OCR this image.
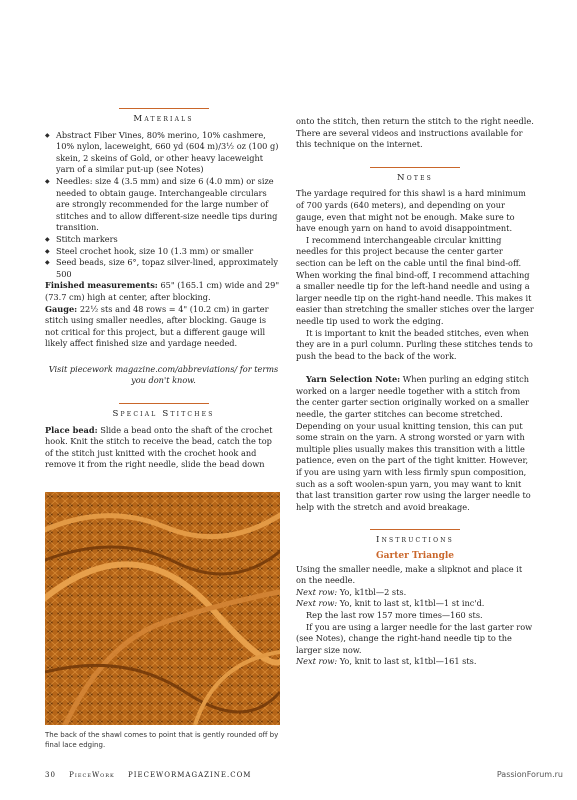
Materials
◆ Abstract Fiber Vines, 80% merino, 10% cashmere, 10% nylon, laceweight, 660 yd (604 m)/3½ oz (100 g) skein, 2 skeins of Gold, or other heavy laceweight yarn of a similar put-up (see Notes)
◆ Needles: size 4 (3.5 mm) and size 6 (4.0 mm) or size needed to obtain gauge. Interchangeable circulars are strongly recommended for the large number of stitches and to allow different-size needle tips during transition.
◆ Stitch markers
◆ Steel crochet hook, size 10 (1.3 mm) or smaller
◆ Seed beads, size 6°, topaz silver-lined, approximately 500

Finished measurements: 65" (165.1 cm) wide and 29" (73.7 cm) high at center, after blocking.

Gauge: 22½ sts and 48 rows = 4" (10.2 cm) in garter stitch using smaller needles, after blocking. Gauge is not critical for this project, but a different gauge will likely affect finished size and yardage needed.

Visit piecework magazine.com/abbreviations/ for terms you don't know.

Special Stitches

Place bead: Slide a bead onto the shaft of the crochet hook. Knit the stitch to receive the bead, catch the top of the stitch just knitted with the crochet hook and remove it from the right needle, slide the bead down

The back of the shawl comes to point that is gently rounded off by final lace edging.

onto the stitch, then return the stitch to the right needle. There are several videos and instructions available for this technique on the internet.

Notes

The yardage required for this shawl is a hard minimum of 700 yards (640 meters), and depending on your gauge, even that might not be enough. Make sure to have enough yarn on hand to avoid disappointment.

I recommend interchangeable circular knitting needles for this project because the center garter section can be left on the cable until the final bind-off. When working the final bind-off, I recommend attaching a smaller needle tip for the left-hand needle and using a larger needle tip on the right-hand needle. This makes it easier than stretching the smaller stiches over the larger needle tip used to work the edging.

It is important to knit the beaded stitches, even when they are in a purl column. Purling these stitches tends to push the bead to the back of the work.

Yarn Selection Note: When purling an edging stitch worked on a larger needle together with a stitch from the center garter section originally worked on a smaller needle, the garter stitches can become stretched. Depending on your usual knitting tension, this can put some strain on the yarn. A strong worsted or yarn with multiple plies usually makes this transition with a little patience, even on the part of the tight knitter. However, if you are using yarn with less firmly spun composition, such as a soft woolen-spun yarn, you may want to knit that last transition garter row using the larger needle to help with the stretch and avoid breakage.

Instructions
Garter Triangle

Using the smaller needle, make a slipknot and place it on the needle.

Next row: Yo, k1tbl—2 sts.

Next row: Yo, knit to last st, k1tbl—1 st inc'd.

Rep the last row 157 more times—160 sts.

If you are using a larger needle for the last garter row (see Notes), change the right-hand needle tip to the larger size now.

Next row: Yo, knit to last st, k1tbl—161 sts.

30 PieceWork PIECEWORMAGAZINE.COM	PassionForum.ru
